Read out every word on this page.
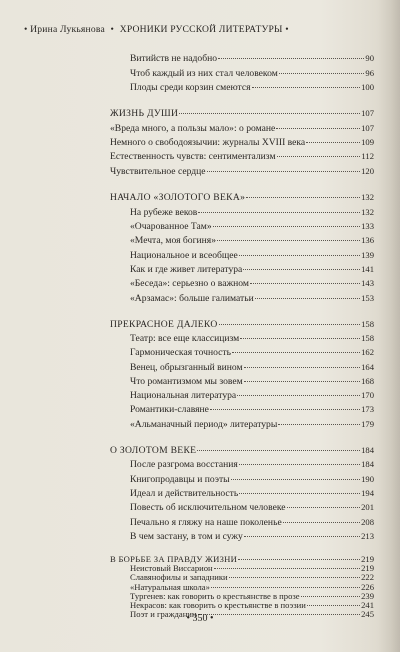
• Ирина Лукьянова • ХРОНИКИ РУССКОЙ ЛИТЕРАТУРЫ •
Витийств не надобно	90
Чтоб каждый из них стал человеком	96
Плоды среди корзин смеются	100
ЖИЗНЬ ДУШИ	107
«Вреда много, а пользы мало»: о романе	107
Немного о свободоязычии: журналы XVIII века	109
Естественность чувств: сентиментализм	112
Чувствительное сердце	120
НАЧАЛО «ЗОЛОТОГО ВЕКА»	132
На рубеже веков	132
«Очарованное Там»	133
«Мечта, моя богиня»	136
Национальное и всеобщее	139
Как и где живет литература	141
«Беседа»: серьезно о важном	143
«Арзамас»: больше галиматьи	153
ПРЕКРАСНОЕ ДАЛЕКО	158
Театр: все еще классицизм	158
Гармоническая точность	162
Венец, обрызганный вином	164
Что романтизмом мы зовем	168
Национальная литература	170
Романтики-славяне	173
«Альманачный период» литературы	179
О ЗОЛОТОМ ВЕКЕ	184
После разгрома восстания	184
Книгопродавцы и поэты	190
Идеал и действительность	194
Повесть об исключительном человеке	201
Печально я гляжу на наше поколенье	208
В чем застану, в том и сужу	213
В БОРЬБЕ ЗА ПРАВДУ ЖИЗНИ	219
Неистовый Виссарион	219
Славянофилы и западники	222
«Натуральная школа»	226
Тургенев: как говорить о крестьянстве в прозе	239
Некрасов: как говорить о крестьянстве в поэзии	241
Поэт и гражданин	245
• 350 •
